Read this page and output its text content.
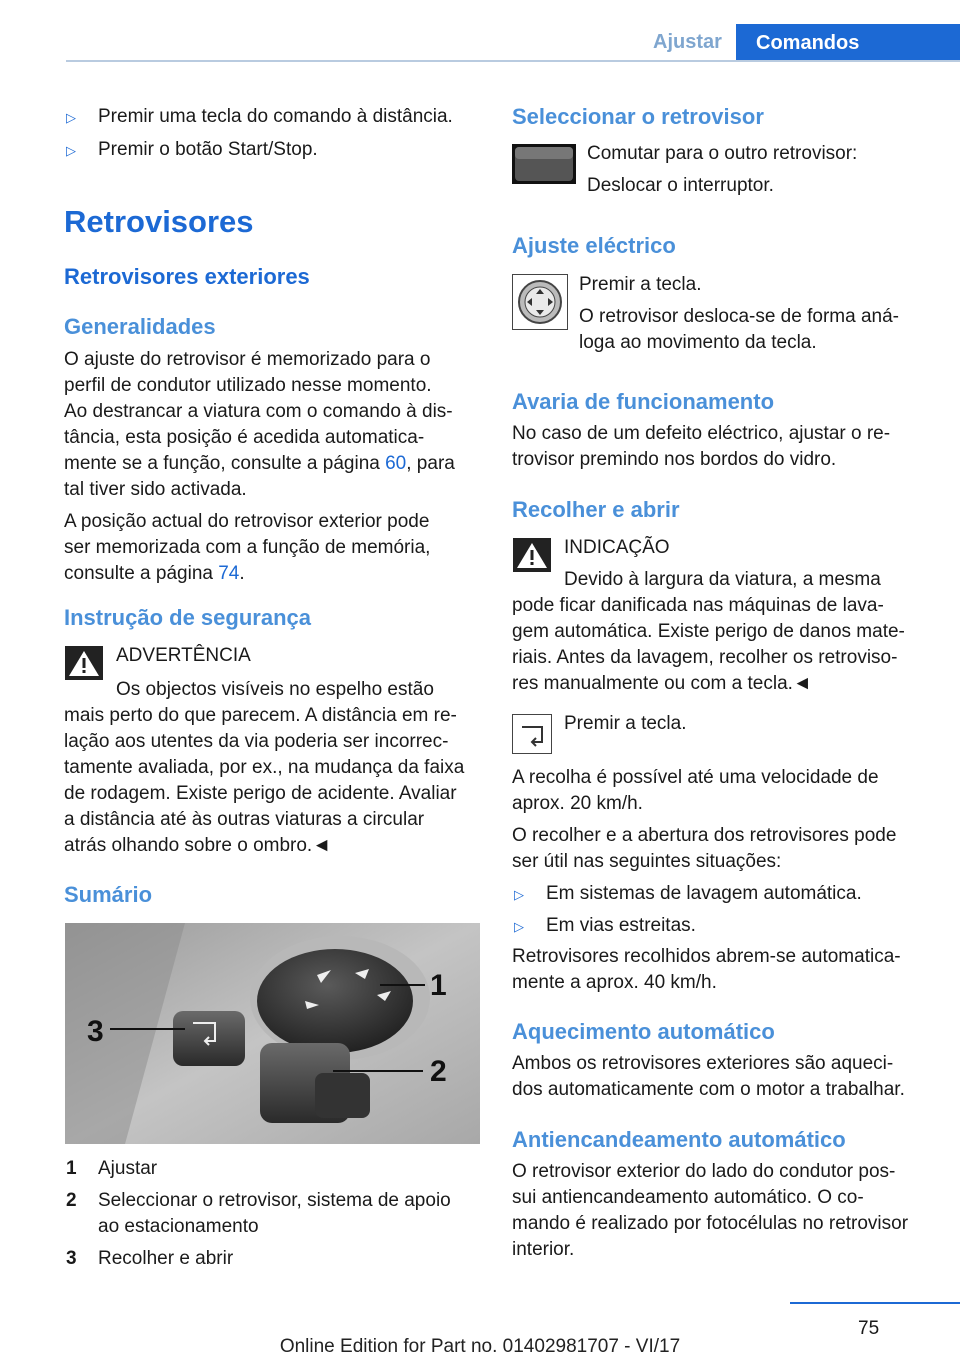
Ajustar	Comandos
▷ Premir uma tecla do comando à distância.
▷ Premir o botão Start/Stop.
Retrovisores
Retrovisores exteriores
Generalidades
O ajuste do retrovisor é memorizado para o
perfil de condutor utilizado nesse momento.
Ao destrancar a viatura com o comando à dis-
tância, esta posição é acedida automatica-
mente se a função, consulte a página 60, para
tal tiver sido activada.
A posição actual do retrovisor exterior pode
ser memorizada com a função de memória,
consulte a página 74.
Instrução de segurança
ADVERTÊNCIA
Os objectos visíveis no espelho estão
mais perto do que parecem. A distância em re-
lação aos utentes da via poderia ser incorrec-
tamente avaliada, por ex., na mudança da faixa
de rodagem. Existe perigo de acidente. Avaliar
a distância até às outras viaturas a circular
atrás olhando sobre o ombro.◄
Sumário
1
2
3
1 Ajustar
2 Seleccionar o retrovisor, sistema de apoio
ao estacionamento
3 Recolher e abrir
Seleccionar o retrovisor
Comutar para o outro retrovisor:
Deslocar o interruptor.
Ajuste eléctrico
Premir a tecla.
O retrovisor desloca-se de forma aná-
loga ao movimento da tecla.
Avaria de funcionamento
No caso de um defeito eléctrico, ajustar o re-
trovisor premindo nos bordos do vidro.
Recolher e abrir
INDICAÇÃO
Devido à largura da viatura, a mesma
pode ficar danificada nas máquinas de lava-
gem automática. Existe perigo de danos mate-
riais. Antes da lavagem, recolher os retroviso-
res manualmente ou com a tecla.◄
Premir a tecla.
A recolha é possível até uma velocidade de
aprox. 20 km/h.
O recolher e a abertura dos retrovisores pode
ser útil nas seguintes situações:
▷ Em sistemas de lavagem automática.
▷ Em vias estreitas.
Retrovisores recolhidos abrem-se automatica-
mente a aprox. 40 km/h.
Aquecimento automático
Ambos os retrovisores exteriores são aqueci-
dos automaticamente com o motor a trabalhar.
Antiencandeamento automático
O retrovisor exterior do lado do condutor pos-
sui antiencandeamento automático. O co-
mando é realizado por fotocélulas no retrovisor
interior.
75
Online Edition for Part no. 01402981707 - VI/17
